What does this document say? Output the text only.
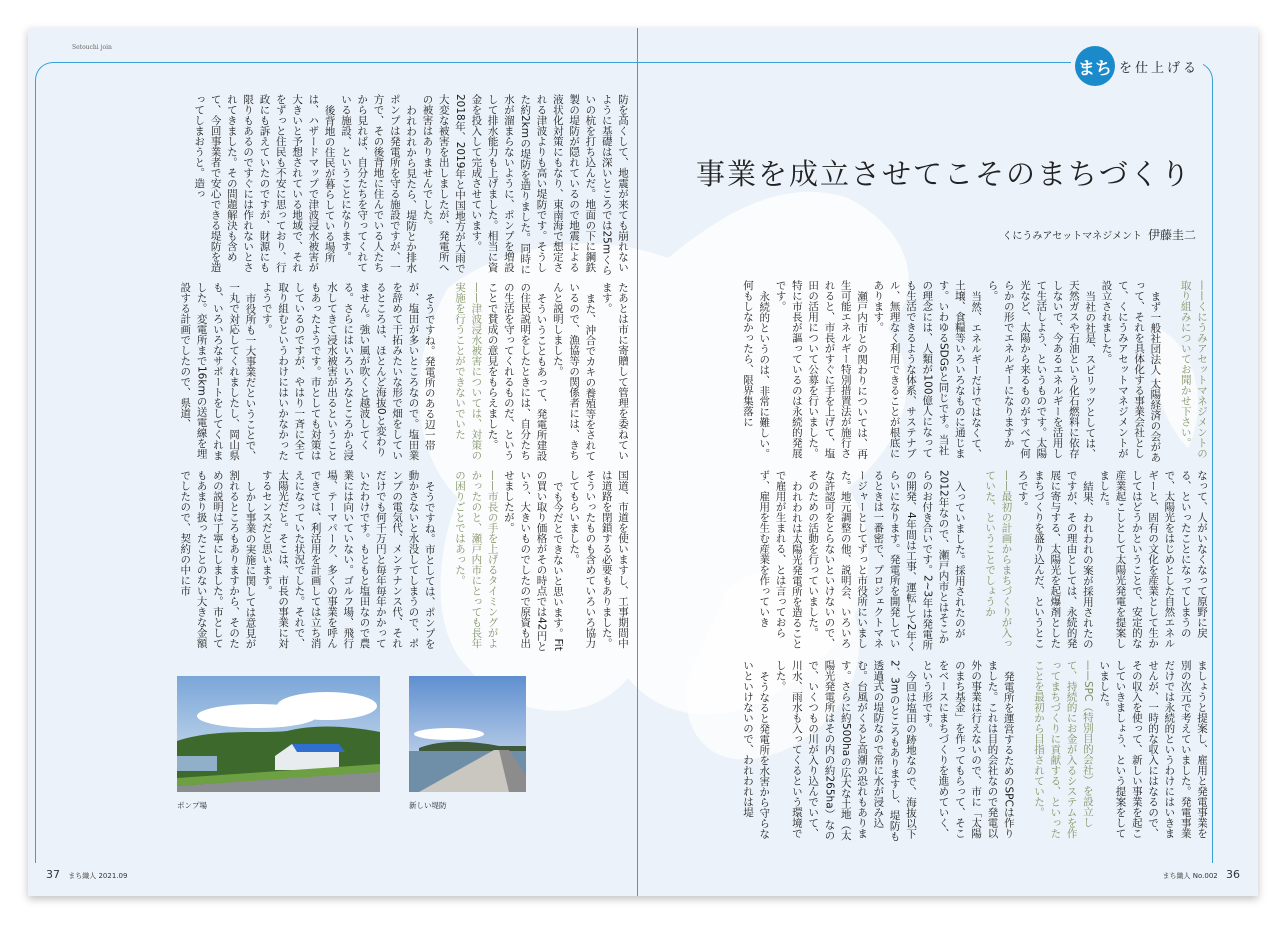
Setouchi join
まち を仕上げる
事業を成立させてこそのまちづくり
くにうみアセットマネジメント 伊藤圭二

——くにうみアセットマネジメントの取り組みについてお聞かせ下さい。

まず一般社団法人 太陽経済の会があって、それを具体化する事業会社として、くにうみアセットマネジメントが設立されました。

当社の社是、スピリッツとしては、天然ガスや石油という化石燃料に依存しないで、今あるエネルギーを活用して生活しよう、というものです。太陽光など、太陽から来るものがすべて何らかの形でエネルギーになりますから。

当然、エネルギーだけではなくて、土壌、食糧等いろいろなものに通じます。いわゆるSDGsと同じです。当社の理念には、人類が100億人になっても生活できるような体系、サステナブル、無理なく利用できることが根底にあります。

瀬戸内市との関わりについては、再生可能エネルギー特別措置法が施行されると、市長がすぐに手を上げて、塩田の活用について公募を行いました。特に市長が謳っているのは永続的発展です。

永続的というのは、非常に難しい。何もしなかったら、限界集落に

なって、人がいなくなって原野に戻る、といったことになってしまうので、太陽光をはじめとした自然エネルギーと、固有の文化を産業として生かしてはどうかということで、安定的な産業起こしとして太陽光発電を提案しました。

結果、われわれの案が採用されたのですが、その理由としては、永続的発展に寄与する、太陽光を起爆剤としたまちづくりを盛り込んだ、というところです。

——最初の計画からまちづくりが入っていた、ということでしょうか

入っていました。採用されたのが2012年なので、瀬戸内市とはそこからのお付き合いです。2~3年は発電所の開発、4年間は工事、運転して2年くらいになります。発電所を開発しているときは一番密で、プロジェクトマネージャーとしてずっと市役所にいました。地元調整の他、説明会、いろいろな許認可をとらないといけないので、そのための活動を行っていました。

われわれは太陽光発電所を造ることで雇用が生まれる、とは言っておらず、雇用を生む産業を作っていき

ましょうと提案し、雇用と発電事業を別の次元で考えていました。発電事業だけでは永続的というわけにはいきませんが、一時的な収入にはなるので、その収入を使って、新しい事業を起こしていきましょう、という提案をしていました。

——SPC（特別目的会社）を設立して、持続的にお金が入るシステムを作ってまちづくりに貢献する、といったことを最初から目指されていた。

発電所を運営するためのSPCは作りました。これは目的会社なので発電以外の事業は行えないので、市に「太陽のまち基金」を作ってもらって、そこをベースにまちづくりを進めていく、という形です。

今回は塩田の跡地なので、海抜以下2、3mのところもありますし、堤防も透過式の堤防なので常に水が浸み込む。台風がくると高潮の恐れもあります。さらに約500haの広大な土地（太陽光発電所はその内の約265ha）なので、いくつもの川が入り込んでいて、川水、雨水も入ってくるという環境でした。

そうなると発電所を水害から守らないといけないので、われわれは堤

防を高くして、地震が来ても崩れないように基礎は深いところでは25mくらいの杭を打ち込んだ。地面の下に鋼鉄製の堤防が隠れているので地震による液状化対策にもなり、東南海で想定される津波よりも高い堤防です。そうした約2kmの堤防を造りました。同時に水が溜まらないように、ポンプを増設して排水能力も上げました。相当に資金を投入して完成させています。2018年、2019年と中国地方が大雨で大変な被害を出しましたが、発電所への被害はありませんでした。

われわれから見たら、堤防とか排水ポンプは発電所を守る施設ですが、一方で、その後背地に住んでいる人たちから見れば、自分たちを守ってくれている施設、ということになります。

後背地の住民が暮らしている場所は、ハザードマップで津波浸水被害が大きいと予想されている地域で、それをずっと住民も不安に思っており、行政にも訴えていたのですが、財源にも限りもあるのですぐには作れないとされてきました。その問題解決も含めて、今回事業者で安心できる堤防を造ってしまおうと。造っ

たあとは市に寄贈して管理を委ねています。

また、沖合でカキの養殖等をされているので、漁協等の関係者には、きちんと説明しました。

そういうこともあって、発電所建設の住民説明をしたときには、自分たちの生活を守ってくれるものだ、ということで賛成の意見をもらえました。

——津波浸水被害については、対策の実施を行うことができないでいた

そうですね。発電所のある辺一帯が、塩田が多いところなので。塩田業を辞めて干拓みたいな形で畑をしているところは、ほとんど海抜0と変わりません。強い風が吹くと越波してくる。さらにはいろいろなところから浸水してきて浸水被害が出るということもあったようです。市としても対策はしているのですが、やはり一斉に全て取り組むというわけにはいかなかったようです。

市役所も一大事業だということで、一丸で対応してくれましたし、岡山県も、いろいろなサポートをしてくれました。変電所まで16kmの送電線を埋設する計画でしたので、県道、

国道、市道を使いますし、工事期間中は道路を閉鎖する必要もありました。そういったものも含めていろいろ協力してもらいました。

でも今だとできないと思います。Fitの買い取り価格がその時点では42円という、大きいものでしたので原資も出せましたが。

——市長の手を上げるタイミングがよかったのと、瀬戸内市にとっても長年の困りごとではあった。

そうですね。市としては、ポンプを動かさないと水没してしまうので、ポンプの電気代、メンテナンス代、それだけでも何千万円と毎年毎年かかっていたわけです。もともと塩田なので農業には向いていない。ゴルフ場、飛行場、テーマパーク、多くの事業を呼んできては、利活用を計画しては立ち消えになっていた状況でした。それで、太陽光だと。そこは、市長の事業に対するセンスだと思います。

しかし事業の実施に関しては意見が割れるところもありますから、そのための説明は丁寧にしました。市としてもあまり扱ったことのない大きな金額でしたので、契約の中に市

ポンプ場	新しい堤防
37 まち織人 2021.09	まち織人 No.002 36
